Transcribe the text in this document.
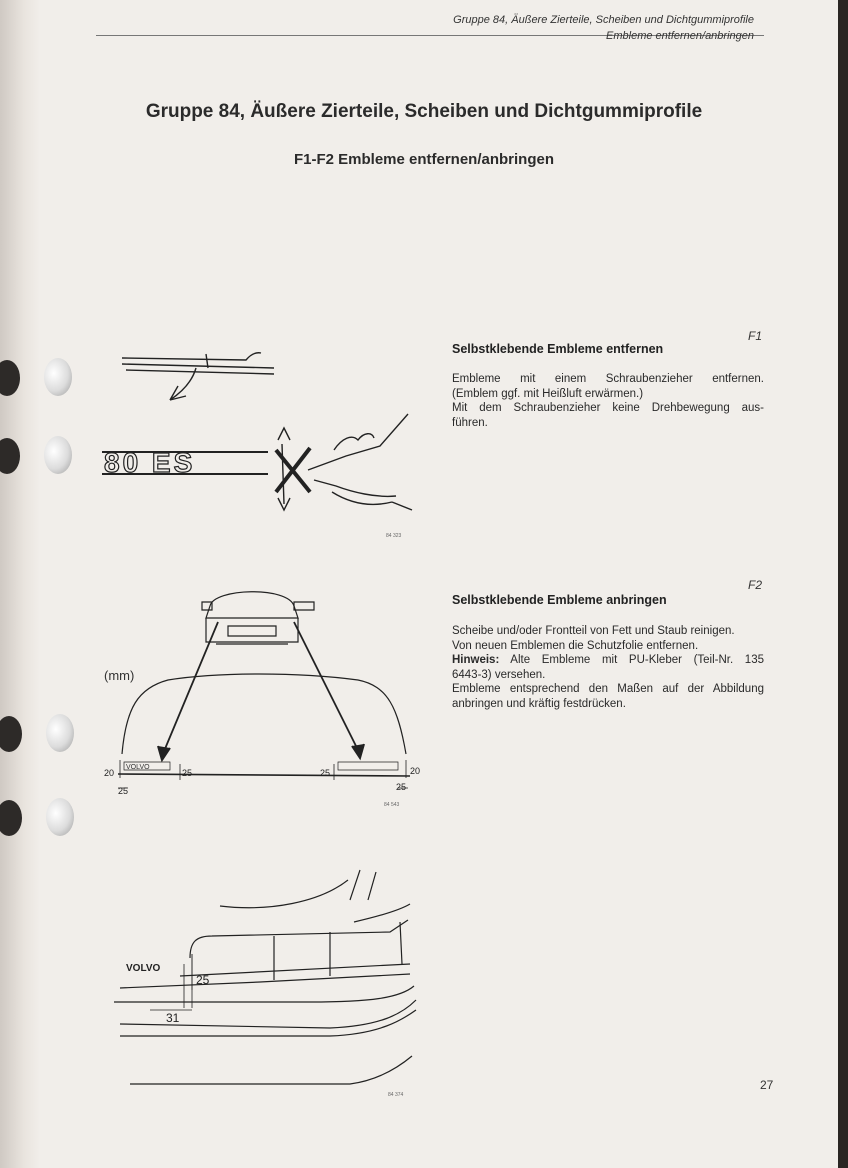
Gruppe 84, Äußere Zierteile, Scheiben und Dichtgummiprofile
Embleme entfernen/anbringen
Gruppe 84, Äußere Zierteile, Scheiben und Dichtgummiprofile
F1-F2 Embleme entfernen/anbringen
F1
Selbstklebende Embleme entfernen
Embleme mit einem Schraubenzieher entfernen.
(Emblem ggf. mit Heißluft erwärmen.)
Mit dem Schraubenzieher keine Drehbewegung aus-
führen.
F2
Selbstklebende Embleme anbringen
Scheibe und/oder Frontteil von Fett und Staub reinigen.
Von neuen Emblemen die Schutzfolie entfernen.
Hinweis: Alte Embleme mit PU-Kleber (Teil-Nr. 135
6443-3) versehen.
Embleme entsprechend den Maßen auf der Abbildung
anbringen und kräftig festdrücken.
80 ES
84 323
(mm)
VOLVO
20	25
25
25	20
25
84 543
VOLVO
25
31
84 374
27
